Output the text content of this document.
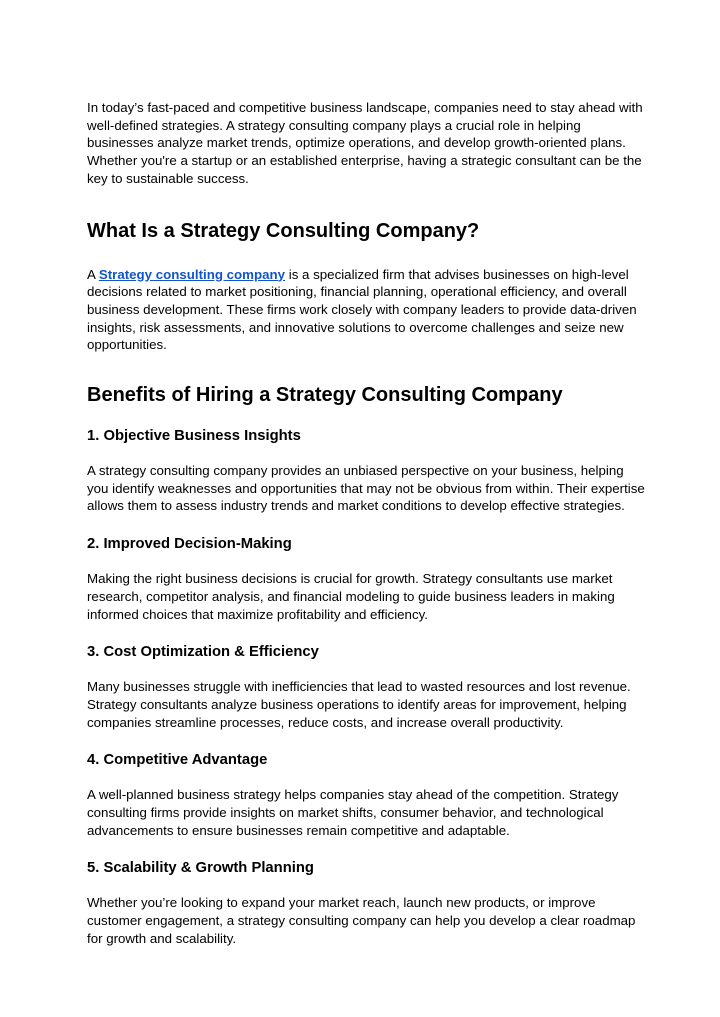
In today’s fast-paced and competitive business landscape, companies need to stay ahead with well-defined strategies. A strategy consulting company plays a crucial role in helping businesses analyze market trends, optimize operations, and develop growth-oriented plans. Whether you're a startup or an established enterprise, having a strategic consultant can be the key to sustainable success.

What Is a Strategy Consulting Company?

A Strategy consulting company is a specialized firm that advises businesses on high-level decisions related to market positioning, financial planning, operational efficiency, and overall business development. These firms work closely with company leaders to provide data-driven insights, risk assessments, and innovative solutions to overcome challenges and seize new opportunities.

Benefits of Hiring a Strategy Consulting Company
1. Objective Business Insights

A strategy consulting company provides an unbiased perspective on your business, helping you identify weaknesses and opportunities that may not be obvious from within. Their expertise allows them to assess industry trends and market conditions to develop effective strategies.

2. Improved Decision-Making

Making the right business decisions is crucial for growth. Strategy consultants use market research, competitor analysis, and financial modeling to guide business leaders in making informed choices that maximize profitability and efficiency.

3. Cost Optimization & Efficiency

Many businesses struggle with inefficiencies that lead to wasted resources and lost revenue. Strategy consultants analyze business operations to identify areas for improvement, helping companies streamline processes, reduce costs, and increase overall productivity.

4. Competitive Advantage

A well-planned business strategy helps companies stay ahead of the competition. Strategy consulting firms provide insights on market shifts, consumer behavior, and technological advancements to ensure businesses remain competitive and adaptable.

5. Scalability & Growth Planning

Whether you’re looking to expand your market reach, launch new products, or improve customer engagement, a strategy consulting company can help you develop a clear roadmap for growth and scalability.
